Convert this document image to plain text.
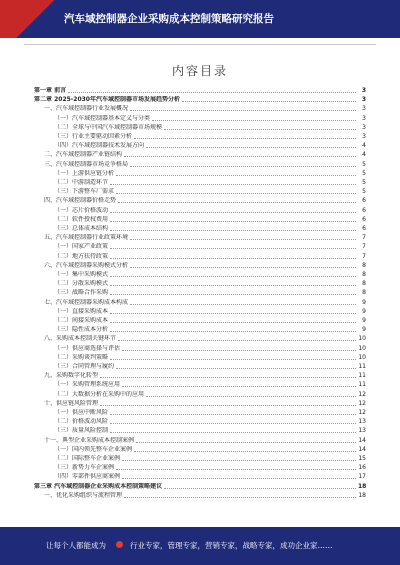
汽车域控制器企业采购成本控制策略研究报告
内容目录
第一章 前言	3
第二章 2025-2030年汽车域控制器市场发展趋势分析	3
一、汽车域控制器行业发展概况	3
（一）汽车域控制器基本定义与分类	3
（二）全球与中国汽车域控制器市场规模	3
（三）行业主要驱动因素分析	3
（四）汽车域控制器技术发展方向	4
二、汽车域控制器产业链结构	4
三、汽车域控制器市场竞争格局	5
（一）上游供应链分析	5
（二）中游制造环节	5
（三）下游整车厂需求	5
四、汽车域控制器价格走势	6
（一）芯片价格波动	6
（二）软件授权费用	6
（三）总体成本结构	6
五、汽车域控制器行业政策环境	7
（一）国家产业政策	7
（二）地方扶持政策	7
六、汽车域控制器采购模式分析	8
（一）集中采购模式	8
（二）分散采购模式	8
（三）战略合作采购	8
七、汽车域控制器采购成本构成	9
（一）直接采购成本	9
（二）间接采购成本	9
（三）隐性成本分析	9
八、采购成本控制关键环节	10
（一）供应商选择与评估	10
（二）采购谈判策略	10
（三）合同管理与履约	11
九、采购数字化转型	11
（一）采购管理系统应用	11
（二）大数据分析在采购中的应用	12
十、供应链风险管理	12
（一）供应中断风险	12
（二）价格波动风险	13
（三）质量风险控制	13
十一、典型企业采购成本控制案例	14
（一）国内领先整车企业案例	14
（二）国际整车企业案例	15
（三）新势力车企案例	16
（四）零部件供应商案例	17
第三章 汽车域控制器企业采购成本控制策略建议	18
一、优化采购组织与流程管理	18
让每个人都能成为	行业专家，管理专家，营销专家，战略专家，成功企业家……
